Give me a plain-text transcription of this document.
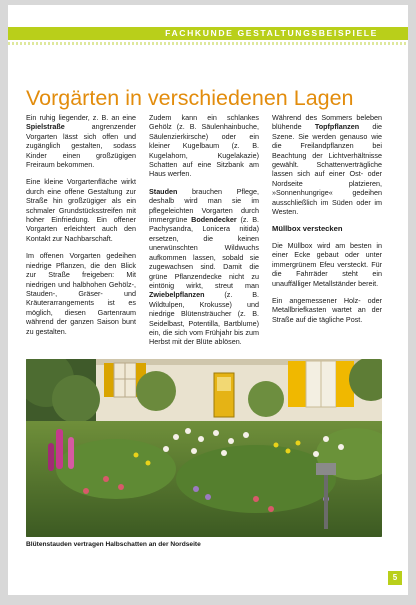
FACHKUNDE GESTALTUNGSBEISPIELE
Vorgärten in verschiedenen Lagen

Ein ruhig liegender, z. B. an eine Spielstraße angrenzender Vorgarten lässt sich offen und zugänglich gestalten, sodass Kinder einen großzügigen Freiraum bekommen.

Eine kleine Vorgartenfläche wirkt durch eine offene Gestaltung zur Straße hin großzügiger als ein schmaler Grundstücksstreifen mit hoher Einfriedung. Ein offener Vorgarten erleichtert auch den Kontakt zur Nachbarschaft.

Im offenen Vorgarten gedeihen niedrige Pflanzen, die den Blick zur Straße freigeben: Mit niedrigen und halbhohen Gehölz-, Stauden-, Gräser- und Kräuterarrangements ist es möglich, diesen Gartenraum während der ganzen Saison bunt zu gestalten.

Zudem kann ein schlankes Gehölz (z. B. Säulenhainbuche, Säulenzierkirsche) oder ein kleiner Kugelbaum (z. B. Kugelahorn, Kugelakazie) Schatten auf eine Sitzbank am Haus werfen.

Stauden brauchen Pflege, deshalb wird man sie im pflegeleichten Vorgarten durch immergrüne Bodendecker (z. B. Pachysandra, Lonicera nitida) ersetzen, die keinen unerwünschten Wildwuchs aufkommen lassen, sobald sie zugewachsen sind. Damit die grüne Pflanzendecke nicht zu eintönig wirkt, streut man Zwiebelpflanzen (z. B. Wildtulpen, Krokusse) und niedrige Blütensträucher (z. B. Seidelbast, Potentilla, Bartblume) ein, die sich vom Frühjahr bis zum Herbst mit der Blüte ablösen.

Während des Sommers beleben blühende Topfpflanzen die Szene. Sie werden genauso wie die Freilandpflanzen bei Beachtung der Lichtverhältnisse gewählt. Schattenverträgliche lassen sich auf einer Ost- oder Nordseite platzieren, »Sonnenhungrige« gedeihen ausschließlich im Süden oder im Westen.

Müllbox verstecken

Die Müllbox wird am besten in einer Ecke gebaut oder unter immergrünem Efeu versteckt. Für die Fahrräder steht ein unauffälliger Metallständer bereit.

Ein angemessener Holz- oder Metallbriefkasten wartet an der Straße auf die tägliche Post.

Blütenstauden vertragen Halbschatten an der Nordseite
5
